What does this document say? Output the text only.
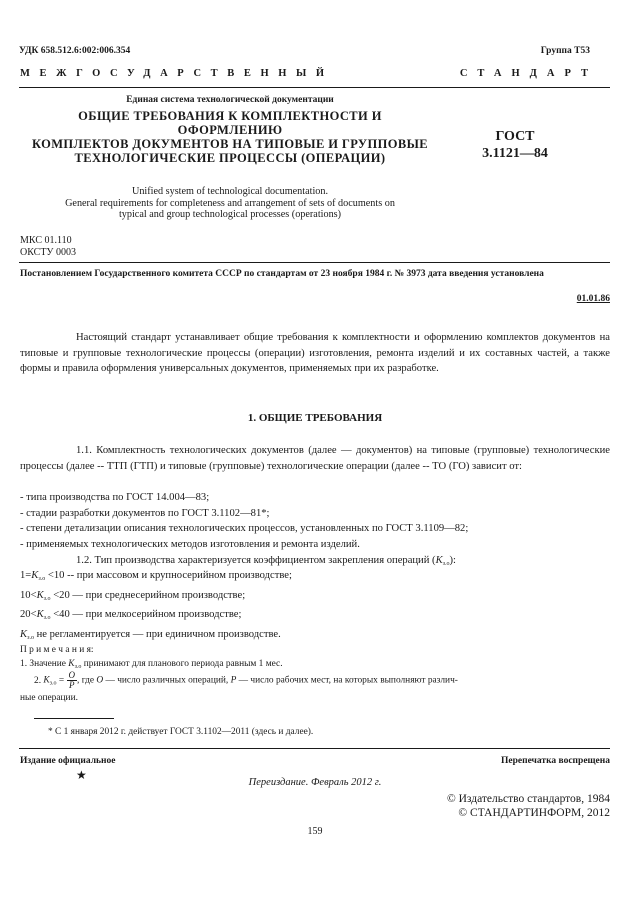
УДК 658.512.6:002:006.354	Группа Т53
МЕЖГОСУДАРСТВЕННЫЙ	СТАНДАРТ
Единая система технологической документации
ОБЩИЕ ТРЕБОВАНИЯ К КОМПЛЕКТНОСТИ И
ОФОРМЛЕНИЮ
КОМПЛЕКТОВ ДОКУМЕНТОВ НА ТИПОВЫЕ И ГРУППОВЫЕ
ТЕХНОЛОГИЧЕСКИЕ ПРОЦЕССЫ (ОПЕРАЦИИ)
ГОСТ
3.1121—84
Unified system of technological documentation.
General requirements for completeness and arrangement of sets of documents on
typical and group technological processes (operations)
МКС 01.110
ОКСТУ 0003
Постановлением Государственного комитета СССР по стандартам от 23 ноября 1984 г. № 3973 дата введения установлена
01.01.86
Настоящий стандарт устанавливает общие требования к комплектности и оформлению комплектов документов на типовые и групповые технологические процессы (операции) изготовления, ремонта изделий и их составных частей, а также формы и правила оформления универсальных документов, применяемых при их разработке.
1. ОБЩИЕ ТРЕБОВАНИЯ
1.1. Комплектность технологических документов (далее — документов) на типовые (групповые) технологические процессы (далее -- ТТП (ГТП) и типовые (групповые) технологические операции (далее -- ТО (ГО) зависит от:
- типа производства по ГОСТ 14.004—83;
- стадии разработки документов по ГОСТ 3.1102—81*;
- степени детализации описания технологических процессов, установленных по ГОСТ 3.1109—82;
- применяемых технологических методов изготовления и ремонта изделий.
1.2. Тип производства характеризуется коэффициентом закрепления операций $(K_{з.о})$:
$1=K_{з.о} <10$ -- при массовом и крупносерийном производстве;
$10<K_{з.о} <20$ — при среднесерийном производстве;
$20<K_{з.о} <40$ — при мелкосерийном производстве;
$K_{з.о}$ не регламентируется — при единичном производстве.
П р и м е ч а н и я:
1. Значение $K_{з.о}$ принимают для планового периода равным 1 мес.
2. $K_{з.о} = \frac{O}{P}$ , где O — число различных операций, P — число рабочих мест, на которых выполняют различ-
ные операции.
* С 1 января 2012 г. действует ГОСТ 3.1102—2011 (здесь и далее).
Издание официальное
★
Перепечатка воспрещена
Переиздание. Февраль 2012 г.
© Издательство стандартов, 1984
© СТАНДАРТИНФОРМ, 2012
159
